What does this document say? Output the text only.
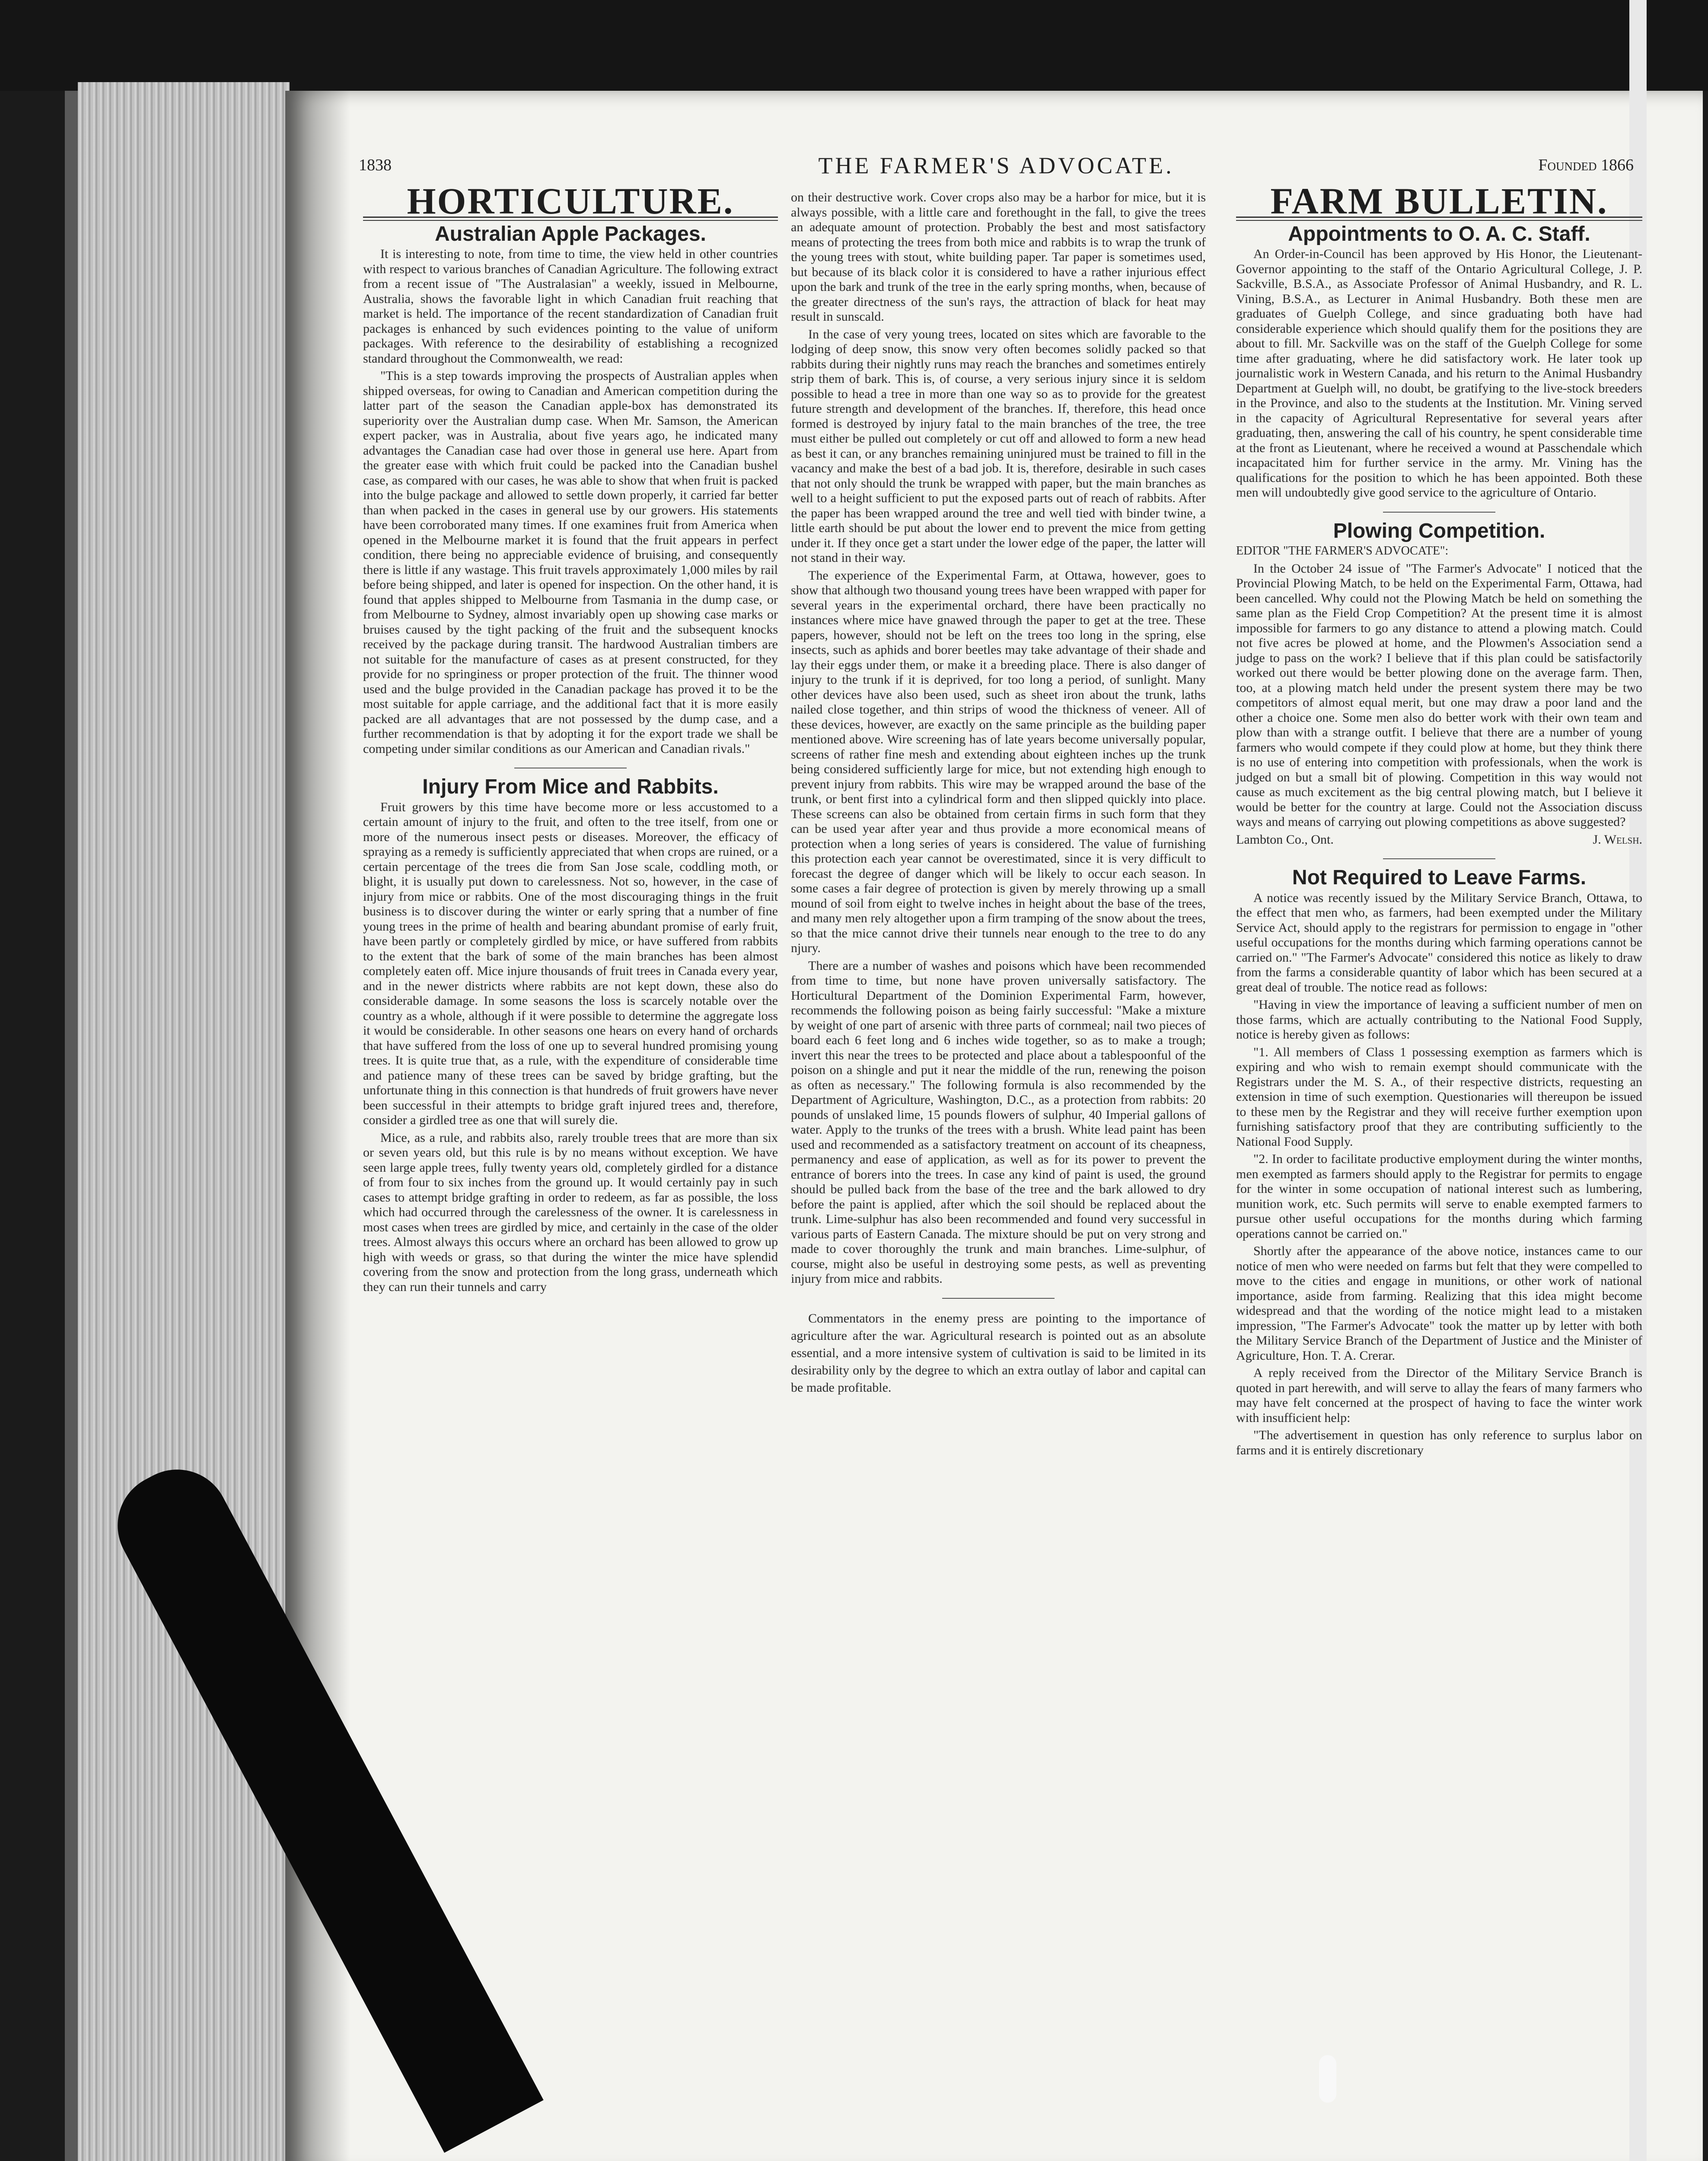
1838	THE FARMER'S ADVOCATE.	Founded 1866
HORTICULTURE.
Australian Apple Packages.

It is interesting to note, from time to time, the view held in other countries with respect to various branches of Canadian Agriculture. The following extract from a recent issue of "The Australasian" a weekly, issued in Melbourne, Australia, shows the favorable light in which Canadian fruit reaching that market is held. The importance of the recent standardization of Canadian fruit packages is enhanced by such evidences pointing to the value of uniform packages. With reference to the desirability of establishing a recognized standard throughout the Commonwealth, we read:

"This is a step towards improving the prospects of Australian apples when shipped overseas, for owing to Canadian and American competition during the latter part of the season the Canadian apple-box has demonstrated its superiority over the Australian dump case. When Mr. Samson, the American expert packer, was in Australia, about five years ago, he indicated many advantages the Canadian case had over those in general use here. Apart from the greater ease with which fruit could be packed into the Canadian bushel case, as compared with our cases, he was able to show that when fruit is packed into the bulge package and allowed to settle down properly, it carried far better than when packed in the cases in general use by our growers. His statements have been corroborated many times. If one examines fruit from America when opened in the Melbourne market it is found that the fruit appears in perfect condition, there being no appreciable evidence of bruising, and consequently there is little if any wastage. This fruit travels approximately 1,000 miles by rail before being shipped, and later is opened for inspection. On the other hand, it is found that apples shipped to Melbourne from Tasmania in the dump case, or from Melbourne to Sydney, almost invariably open up showing case marks or bruises caused by the tight packing of the fruit and the subsequent knocks received by the package during transit. The hardwood Australian timbers are not suitable for the manufacture of cases as at present constructed, for they provide for no springiness or proper protection of the fruit. The thinner wood used and the bulge provided in the Canadian package has proved it to be the most suitable for apple carriage, and the additional fact that it is more easily packed are all advantages that are not possessed by the dump case, and a further recommendation is that by adopting it for the export trade we shall be competing under similar conditions as our American and Canadian rivals."

Injury From Mice and Rabbits.

Fruit growers by this time have become more or less accustomed to a certain amount of injury to the fruit, and often to the tree itself, from one or more of the numerous insect pests or diseases. Moreover, the efficacy of spraying as a remedy is sufficiently appreciated that when crops are ruined, or a certain percentage of the trees die from San Jose scale, coddling moth, or blight, it is usually put down to carelessness. Not so, however, in the case of injury from mice or rabbits. One of the most discouraging things in the fruit business is to discover during the winter or early spring that a number of fine young trees in the prime of health and bearing abundant promise of early fruit, have been partly or completely girdled by mice, or have suffered from rabbits to the extent that the bark of some of the main branches has been almost completely eaten off. Mice injure thousands of fruit trees in Canada every year, and in the newer districts where rabbits are not kept down, these also do considerable damage. In some seasons the loss is scarcely notable over the country as a whole, although if it were possible to determine the aggregate loss it would be considerable. In other seasons one hears on every hand of orchards that have suffered from the loss of one up to several hundred promising young trees. It is quite true that, as a rule, with the expenditure of considerable time and patience many of these trees can be saved by bridge grafting, but the unfortunate thing in this connection is that hundreds of fruit growers have never been successful in their attempts to bridge graft injured trees and, therefore, consider a girdled tree as one that will surely die.

Mice, as a rule, and rabbits also, rarely trouble trees that are more than six or seven years old, but this rule is by no means without exception. We have seen large apple trees, fully twenty years old, completely girdled for a distance of from four to six inches from the ground up. It would certainly pay in such cases to attempt bridge grafting in order to redeem, as far as possible, the loss which had occurred through the carelessness of the owner. It is carelessness in most cases when trees are girdled by mice, and certainly in the case of the older trees. Almost always this occurs where an orchard has been allowed to grow up high with weeds or grass, so that during the winter the mice have splendid covering from the snow and protection from the long grass, underneath which they can run their tunnels and carry

on their destructive work. Cover crops also may be a harbor for mice, but it is always possible, with a little care and forethought in the fall, to give the trees an adequate amount of protection. Probably the best and most satisfactory means of protecting the trees from both mice and rabbits is to wrap the trunk of the young trees with stout, white building paper. Tar paper is sometimes used, but because of its black color it is considered to have a rather injurious effect upon the bark and trunk of the tree in the early spring months, when, because of the greater directness of the sun's rays, the attraction of black for heat may result in sunscald.

In the case of very young trees, located on sites which are favorable to the lodging of deep snow, this snow very often becomes solidly packed so that rabbits during their nightly runs may reach the branches and sometimes entirely strip them of bark. This is, of course, a very serious injury since it is seldom possible to head a tree in more than one way so as to provide for the greatest future strength and development of the branches. If, therefore, this head once formed is destroyed by injury fatal to the main branches of the tree, the tree must either be pulled out completely or cut off and allowed to form a new head as best it can, or any branches remaining uninjured must be trained to fill in the vacancy and make the best of a bad job. It is, therefore, desirable in such cases that not only should the trunk be wrapped with paper, but the main branches as well to a height sufficient to put the exposed parts out of reach of rabbits. After the paper has been wrapped around the tree and well tied with binder twine, a little earth should be put about the lower end to prevent the mice from getting under it. If they once get a start under the lower edge of the paper, the latter will not stand in their way.

The experience of the Experimental Farm, at Ottawa, however, goes to show that although two thousand young trees have been wrapped with paper for several years in the experimental orchard, there have been practically no instances where mice have gnawed through the paper to get at the tree. These papers, however, should not be left on the trees too long in the spring, else insects, such as aphids and borer beetles may take advantage of their shade and lay their eggs under them, or make it a breeding place. There is also danger of injury to the trunk if it is deprived, for too long a period, of sunlight. Many other devices have also been used, such as sheet iron about the trunk, laths nailed close together, and thin strips of wood the thickness of veneer. All of these devices, however, are exactly on the same principle as the building paper mentioned above. Wire screening has of late years become universally popular, screens of rather fine mesh and extending about eighteen inches up the trunk being considered sufficiently large for mice, but not extending high enough to prevent injury from rabbits. This wire may be wrapped around the base of the trunk, or bent first into a cylindrical form and then slipped quickly into place. These screens can also be obtained from certain firms in such form that they can be used year after year and thus provide a more economical means of protection when a long series of years is considered. The value of furnishing this protection each year cannot be overestimated, since it is very difficult to forecast the degree of danger which will be likely to occur each season. In some cases a fair degree of protection is given by merely throwing up a small mound of soil from eight to twelve inches in height about the base of the trees, and many men rely altogether upon a firm tramping of the snow about the trees, so that the mice cannot drive their tunnels near enough to the tree to do any njury.

There are a number of washes and poisons which have been recommended from time to time, but none have proven universally satisfactory. The Horticultural Department of the Dominion Experimental Farm, however, recommends the following poison as being fairly successful: "Make a mixture by weight of one part of arsenic with three parts of cornmeal; nail two pieces of board each 6 feet long and 6 inches wide together, so as to make a trough; invert this near the trees to be protected and place about a tablespoonful of the poison on a shingle and put it near the middle of the run, renewing the poison as often as necessary." The following formula is also recommended by the Department of Agriculture, Washington, D.C., as a protection from rabbits: 20 pounds of unslaked lime, 15 pounds flowers of sulphur, 40 Imperial gallons of water. Apply to the trunks of the trees with a brush. White lead paint has been used and recommended as a satisfactory treatment on account of its cheapness, permanency and ease of application, as well as for its power to prevent the entrance of borers into the trees. In case any kind of paint is used, the ground should be pulled back from the base of the tree and the bark allowed to dry before the paint is applied, after which the soil should be replaced about the trunk. Lime-sulphur has also been recommended and found very successful in various parts of Eastern Canada. The mixture should be put on very strong and made to cover thoroughly the trunk and main branches. Lime-sulphur, of course, might also be useful in destroying some pests, as well as preventing injury from mice and rabbits.

Commentators in the enemy press are pointing to the importance of agriculture after the war. Agricultural research is pointed out as an absolute essential, and a more intensive system of cultivation is said to be limited in its desirability only by the degree to which an extra outlay of labor and capital can be made profitable.

FARM BULLETIN.
Appointments to O. A. C. Staff.

An Order-in-Council has been approved by His Honor, the Lieutenant-Governor appointing to the staff of the Ontario Agricultural College, J. P. Sackville, B.S.A., as Associate Professor of Animal Husbandry, and R. L. Vining, B.S.A., as Lecturer in Animal Husbandry. Both these men are graduates of Guelph College, and since graduating both have had considerable experience which should qualify them for the positions they are about to fill. Mr. Sackville was on the staff of the Guelph College for some time after graduating, where he did satisfactory work. He later took up journalistic work in Western Canada, and his return to the Animal Husbandry Department at Guelph will, no doubt, be gratifying to the live-stock breeders in the Province, and also to the students at the Institution. Mr. Vining served in the capacity of Agricultural Representative for several years after graduating, then, answering the call of his country, he spent considerable time at the front as Lieutenant, where he received a wound at Passchendale which incapacitated him for further service in the army. Mr. Vining has the qualifications for the position to which he has been appointed. Both these men will undoubtedly give good service to the agriculture of Ontario.

Plowing Competition.

EDITOR "THE FARMER'S ADVOCATE":

In the October 24 issue of "The Farmer's Advocate" I noticed that the Provincial Plowing Match, to be held on the Experimental Farm, Ottawa, had been cancelled. Why could not the Plowing Match be held on something the same plan as the Field Crop Competition? At the present time it is almost impossible for farmers to go any distance to attend a plowing match. Could not five acres be plowed at home, and the Plowmen's Association send a judge to pass on the work? I believe that if this plan could be satisfactorily worked out there would be better plowing done on the average farm. Then, too, at a plowing match held under the present system there may be two competitors of almost equal merit, but one may draw a poor land and the other a choice one. Some men also do better work with their own team and plow than with a strange outfit. I believe that there are a number of young farmers who would compete if they could plow at home, but they think there is no use of entering into competition with professionals, when the work is judged on but a small bit of plowing. Competition in this way would not cause as much excitement as the big central plowing match, but I believe it would be better for the country at large. Could not the Association discuss ways and means of carrying out plowing competitions as above suggested?

Lambton Co., Ont.	J. Welsh.

Not Required to Leave Farms.

A notice was recently issued by the Military Service Branch, Ottawa, to the effect that men who, as farmers, had been exempted under the Military Service Act, should apply to the registrars for permission to engage in "other useful occupations for the months during which farming operations cannot be carried on." "The Farmer's Advocate" considered this notice as likely to draw from the farms a considerable quantity of labor which has been secured at a great deal of trouble. The notice read as follows:

"Having in view the importance of leaving a sufficient number of men on those farms, which are actually contributing to the National Food Supply, notice is hereby given as follows:

"1. All members of Class 1 possessing exemption as farmers which is expiring and who wish to remain exempt should communicate with the Registrars under the M. S. A., of their respective districts, requesting an extension in time of such exemption. Questionaries will thereupon be issued to these men by the Registrar and they will receive further exemption upon furnishing satisfactory proof that they are contributing sufficiently to the National Food Supply.

"2. In order to facilitate productive employment during the winter months, men exempted as farmers should apply to the Registrar for permits to engage for the winter in some occupation of national interest such as lumbering, munition work, etc. Such permits will serve to enable exempted farmers to pursue other useful occupations for the months during which farming operations cannot be carried on."

Shortly after the appearance of the above notice, instances came to our notice of men who were needed on farms but felt that they were compelled to move to the cities and engage in munitions, or other work of national importance, aside from farming. Realizing that this idea might become widespread and that the wording of the notice might lead to a mistaken impression, "The Farmer's Advocate" took the matter up by letter with both the Military Service Branch of the Department of Justice and the Minister of Agriculture, Hon. T. A. Crerar.

A reply received from the Director of the Military Service Branch is quoted in part herewith, and will serve to allay the fears of many farmers who may have felt concerned at the prospect of having to face the winter work with insufficient help:

"The advertisement in question has only reference to surplus labor on farms and it is entirely discretionary
